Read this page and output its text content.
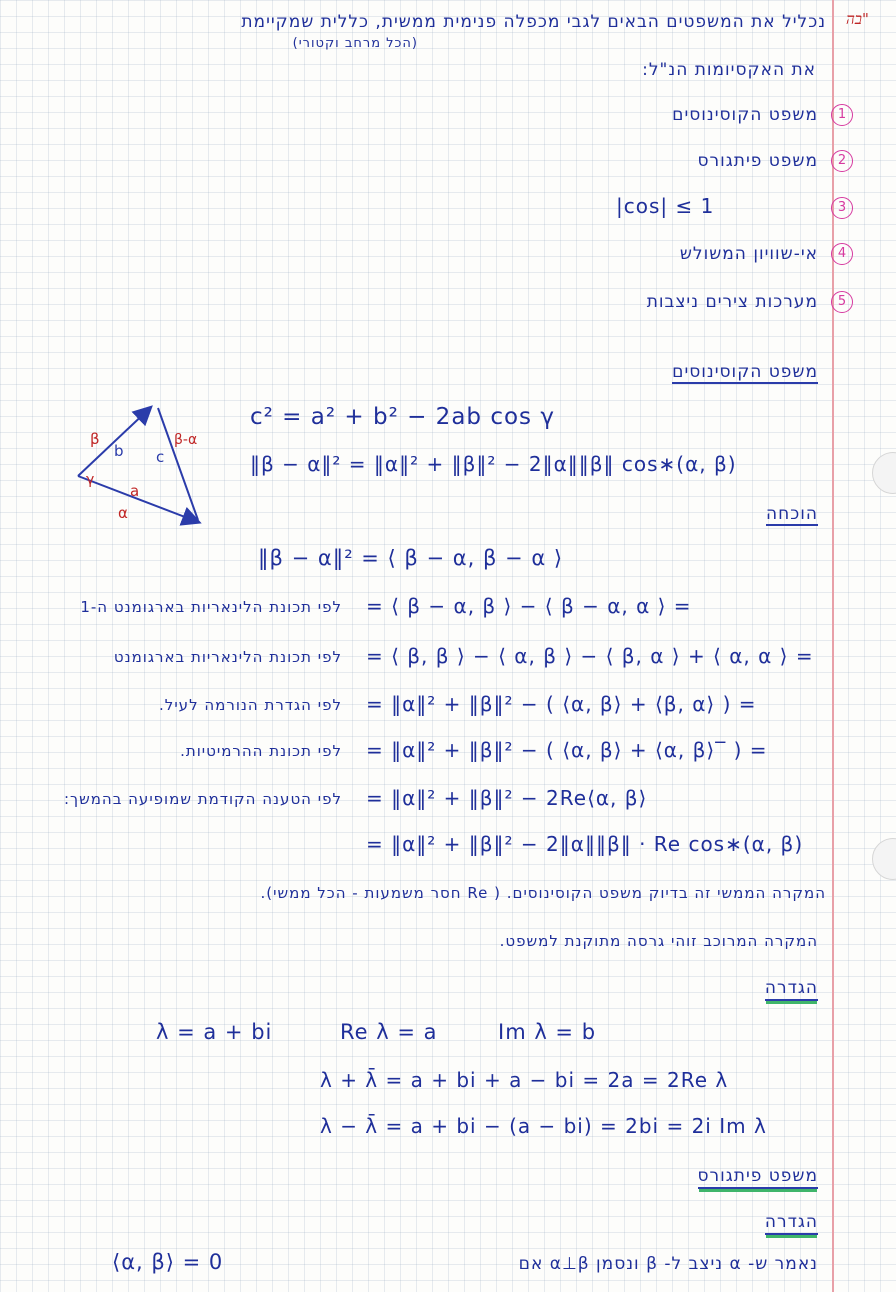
בה"
נכליל את המשפטים הבאים לגבי מכפלה פנימית ממשית, כללית שמקיימת
(הכל מרחב וקטורי)
את האקסיומות הנ"ל:
1
משפט הקוסינוסים
2
משפט פיתגורס
3
|cos| ≤ 1
4
אי-שוויון המשולש
5
מערכות צירים ניצבות
משפט הקוסינוסים
β
b
γ
c
β-α
a
α
c² = a² + b² − 2ab cos γ
‖β − α‖² = ‖α‖² + ‖β‖² − 2‖α‖‖β‖ cos∗(α, β)
הוכחה
‖β − α‖² = ⟨ β − α, β − α ⟩
= ⟨ β − α, β ⟩ − ⟨ β − α, α ⟩ =
לפי תכונת הלינאריות בארגומנט ה-1
= ⟨ β, β ⟩ − ⟨ α, β ⟩ − ⟨ β, α ⟩ + ⟨ α, α ⟩ =
לפי תכונת הלינאריות בארגומנט
= ‖α‖² + ‖β‖² − ( ⟨α, β⟩ + ⟨β, α⟩ ) =
לפי הגדרת הנורמה לעיל.
= ‖α‖² + ‖β‖² − ( ⟨α, β⟩ + ⟨α, β⟩‾ ) =
לפי תכונת ההרמיטיות.
= ‖α‖² + ‖β‖² − 2Re⟨α, β⟩
לפי הטענה הקודמת שמופיעה בהמשך:
= ‖α‖² + ‖β‖² − 2‖α‖‖β‖ · Re cos∗(α, β)
המקרה הממשי זה בדיוק משפט הקוסינוסים. ( Re חסר משמעות - הכל ממשי).
המקרה המרוכב זוהי גרסה מתוקנת למשפט.
הגדרה
λ = a + bi	Re λ = a	Im λ = b
λ + λ̄ = a + bi + a − bi = 2a = 2Re λ
λ − λ̄ = a + bi − (a − bi) = 2bi = 2i Im λ
משפט פיתגורס
הגדרה
נאמר ש- α ניצב ל- β ונסמן α⊥β אם
⟨α, β⟩ = 0
